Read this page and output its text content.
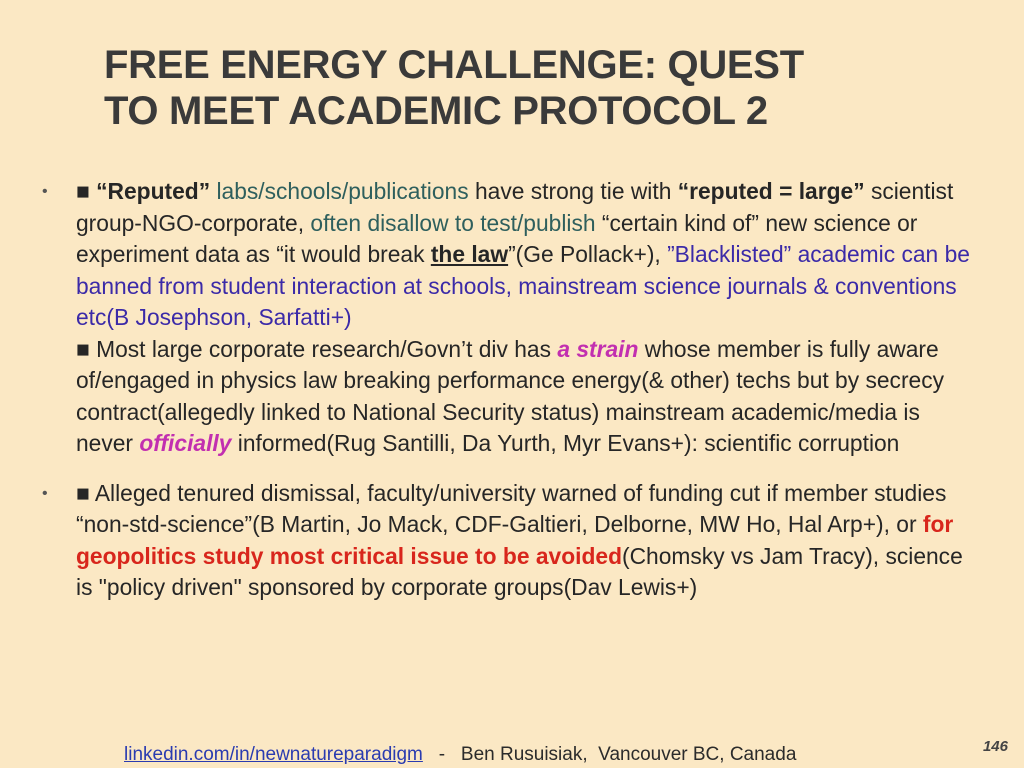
FREE ENERGY CHALLENGE: QUEST
TO MEET ACADEMIC PROTOCOL 2
• ■ “Reputed” labs/schools/publications have strong tie with “reputed = large” scientist group-NGO-corporate, often disallow to test/publish “certain kind of” new science or experiment data as “it would break the law”(Ge Pollack+), ”Blacklisted” academic can be banned from student interaction at schools, mainstream science journals & conventions etc(B Josephson, Sarfatti+)
■ Most large corporate research/Govn’t div has a strain whose member is fully aware of/engaged in physics law breaking performance energy(& other) techs but by secrecy contract(allegedly linked to National Security status) mainstream academic/media is never officially informed(Rug Santilli, Da Yurth, Myr Evans+): scientific corruption
• ■ Alleged tenured dismissal, faculty/university warned of funding cut if member studies “non-std-science”(B Martin, Jo Mack, CDF-Galtieri, Delborne, MW Ho, Hal Arp+), or for geopolitics study most critical issue to be avoided(Chomsky vs Jam Tracy), science is "policy driven" sponsored by corporate groups(Dav Lewis+)
linkedin.com/in/newnatureparadigm   -   Ben Rusuisiak,  Vancouver BC, Canada	146
